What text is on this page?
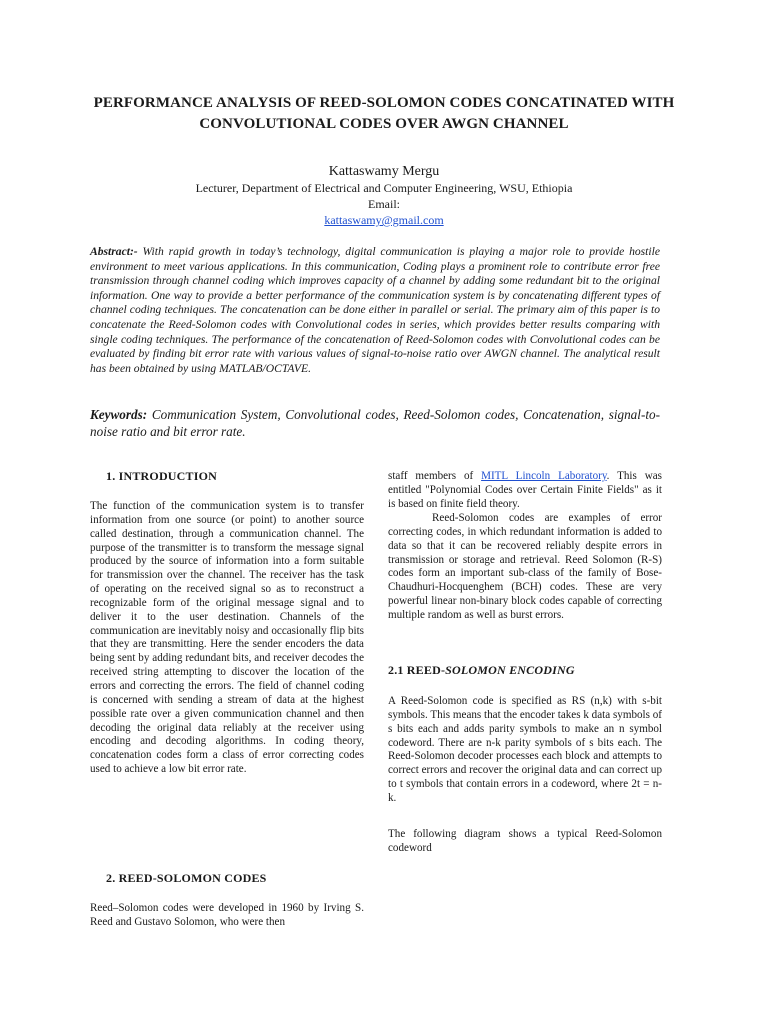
PERFORMANCE ANALYSIS OF REED-SOLOMON CODES CONCATINATED WITH
CONVOLUTIONAL CODES OVER AWGN CHANNEL
Kattaswamy Mergu
Lecturer, Department of Electrical and Computer Engineering, WSU, Ethiopia
Email:
kattaswamy@gmail.com
Abstract:- With rapid growth in today’s technology, digital communication is playing a major role to provide hostile environment to meet various applications. In this communication, Coding plays a prominent role to contribute error free transmission through channel coding which improves capacity of a channel by adding some redundant bit to the original information. One way to provide a better performance of the communication system is by concatenating different types of channel coding techniques. The concatenation can be done either in parallel or serial. The primary aim of this paper is to concatenate the Reed-Solomon codes with Convolutional codes in series, which provides better results comparing with single coding techniques. The performance of the concatenation of Reed-Solomon codes with Convolutional codes can be evaluated by finding bit error rate with various values of signal-to-noise ratio over AWGN channel. The analytical result has been obtained by using MATLAB/OCTAVE.
Keywords: Communication System, Convolutional codes, Reed-Solomon codes, Concatenation, signal-to-noise ratio and bit error rate.
1. INTRODUCTION
The function of the communication system is to transfer information from one source (or point) to another source called destination, through a communication channel. The purpose of the transmitter is to transform the message signal produced by the source of information into a form suitable for transmission over the channel. The receiver has the task of operating on the received signal so as to reconstruct a recognizable form of the original message signal and to deliver it to the user destination. Channels of the communication are inevitably noisy and occasionally flip bits that they are transmitting. Here the sender encoders the data being sent by adding redundant bits, and receiver decodes the received string attempting to discover the location of the errors and correcting the errors. The field of channel coding is concerned with sending a stream of data at the highest possible rate over a given communication channel and then decoding the original data reliably at the receiver using encoding and decoding algorithms. In coding theory, concatenation codes form a class of error correcting codes used to achieve a low bit error rate.
2. REED-SOLOMON CODES
Reed–Solomon codes were developed in 1960 by Irving S. Reed and Gustavo Solomon, who were then
staff members of MITL Lincoln Laboratory. This was entitled "Polynomial Codes over Certain Finite Fields" as it is based on finite field theory.
Reed-Solomon codes are examples of error correcting codes, in which redundant information is added to data so that it can be recovered reliably despite errors in transmission or storage and retrieval. Reed Solomon (R-S) codes form an important sub-class of the family of Bose- Chaudhuri-Hocquenghem (BCH) codes. These are very powerful linear non-binary block codes capable of correcting multiple random as well as burst errors.
2.1 REED-SOLOMON ENCODING
A Reed-Solomon code is specified as RS (n,k) with s-bit symbols. This means that the encoder takes k data symbols of s bits each and adds parity symbols to make an n symbol codeword. There are n-k parity symbols of s bits each. The Reed-Solomon decoder processes each block and attempts to correct errors and recover the original data and can correct up to t symbols that contain errors in a codeword, where 2t = n-k.
The following diagram shows a typical Reed-Solomon codeword
